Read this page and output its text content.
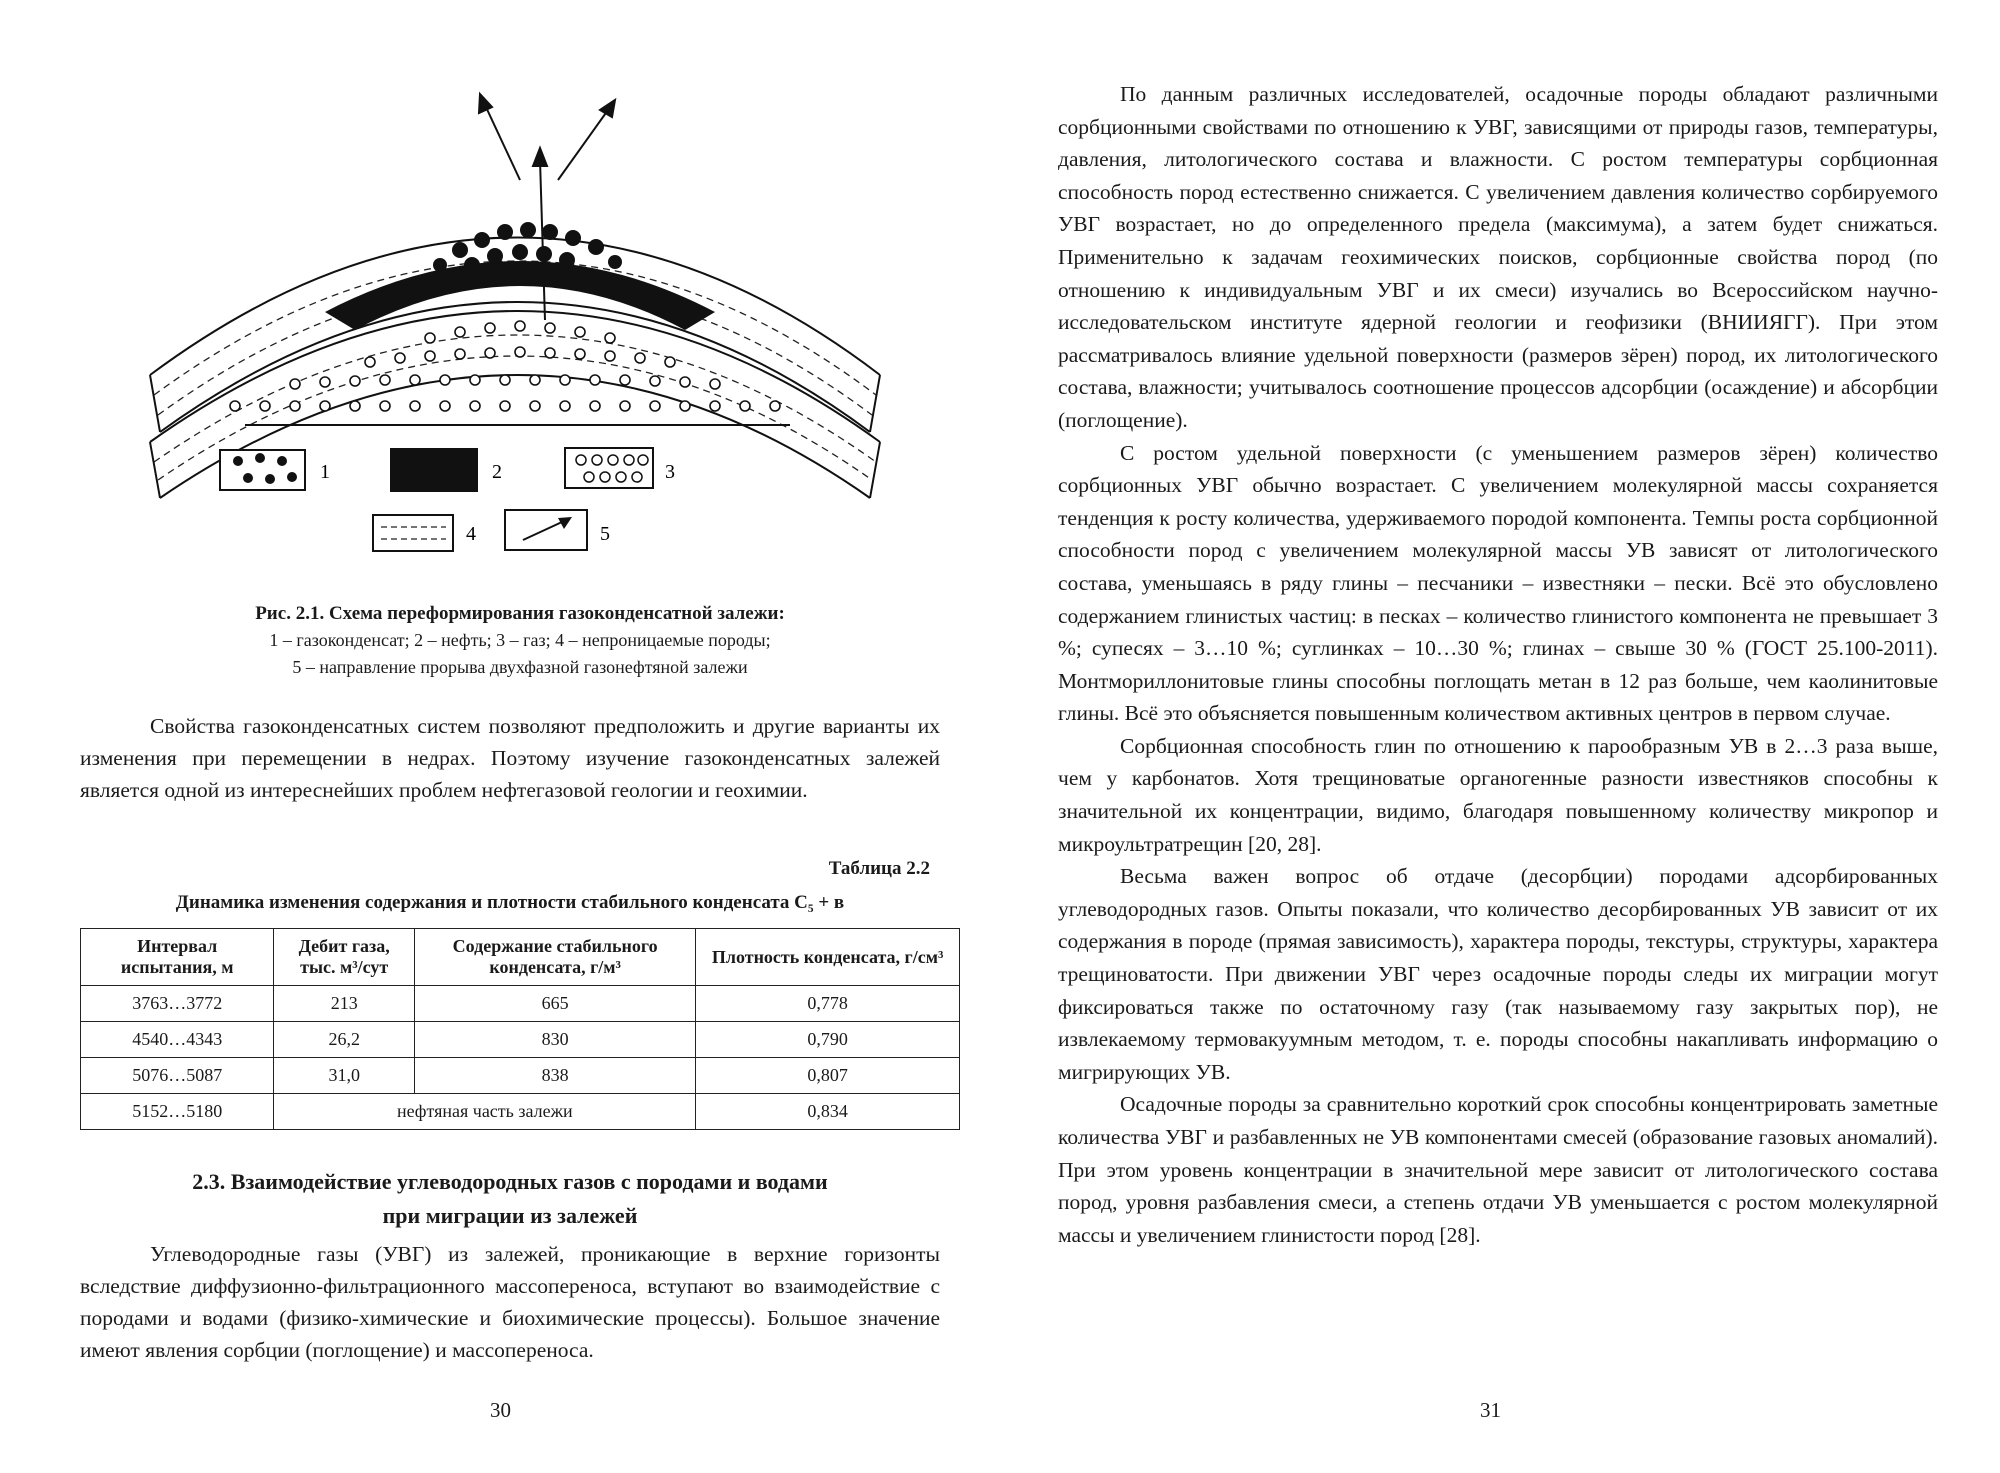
1	2	3
4	5
Рис. 2.1. Схема переформирования газоконденсатной залежи:
1 – газоконденсат; 2 – нефть; 3 – газ; 4 – непроницаемые породы;
5 – направление прорыва двухфазной газонефтяной залежи

Свойства газоконденсатных систем позволяют предположить и другие варианты их изменения при перемещении в недрах. Поэтому изучение газоконденсатных залежей является одной из интереснейших проблем нефтегазовой геологии и геохимии.

Таблица 2.2
Динамика изменения содержания и плотности стабильного конденсата C₅ + в
Интервал испытания, м	Дебит газа, тыс. м³/сут	Содержание стабильного конденсата, г/м³	Плотность конденсата, г/см³
3763…3772	213	665	0,778
4540…4343	26,2	830	0,790
5076…5087	31,0	838	0,807
5152…5180	нефтяная часть залежи		0,834
2.3. Взаимодействие углеводородных газов с породами и водами
при миграции из залежей

Углеводородные газы (УВГ) из залежей, проникающие в верхние горизонты вследствие диффузионно-фильтрационного массопереноса, вступают во взаимодействие с породами и водами (физико-химические и биохимические процессы). Большое значение имеют явления сорбции (поглощение) и массопереноса.

30

По данным различных исследователей, осадочные породы обладают различными сорбционными свойствами по отношению к УВГ, зависящими от природы газов, температуры, давления, литологического состава и влажности. С ростом температуры сорбционная способность пород естественно снижается. С увеличением давления количество сорбируемого УВГ возрастает, но до определенного предела (максимума), а затем будет снижаться. Применительно к задачам геохимических поисков, сорбционные свойства пород (по отношению к индивидуальным УВГ и их смеси) изучались во Всероссийском научно-исследовательском институте ядерной геологии и геофизики (ВНИИЯГГ). При этом рассматривалось влияние удельной поверхности (размеров зёрен) пород, их литологического состава, влажности; учитывалось соотношение процессов адсорбции (осаждение) и абсорбции (поглощение).

С ростом удельной поверхности (с уменьшением размеров зёрен) количество сорбционных УВГ обычно возрастает. С увеличением молекулярной массы сохраняется тенденция к росту количества, удерживаемого породой компонента. Темпы роста сорбционной способности пород с увеличением молекулярной массы УВ зависят от литологического состава, уменьшаясь в ряду глины – песчаники – известняки – пески. Всё это обусловлено содержанием глинистых частиц: в песках – количество глинистого компонента не превышает 3 %; супесях – 3…10 %; суглинках – 10…30 %; глинах – свыше 30 % (ГОСТ 25.100-2011). Монтмориллонитовые глины способны поглощать метан в 12 раз больше, чем каолинитовые глины. Всё это объясняется повышенным количеством активных центров в первом случае.

Сорбционная способность глин по отношению к парообразным УВ в 2…3 раза выше, чем у карбонатов. Хотя трещиноватые органогенные разности известняков способны к значительной их концентрации, видимо, благодаря повышенному количеству микропор и микроультратрещин [20, 28].

Весьма важен вопрос об отдаче (десорбции) породами адсорбированных углеводородных газов. Опыты показали, что количество десорбированных УВ зависит от их содержания в породе (прямая зависимость), характера породы, текстуры, структуры, характера трещиноватости. При движении УВГ через осадочные породы следы их миграции могут фиксироваться также по остаточному газу (так называемому газу закрытых пор), не извлекаемому термовакуумным методом, т. е. породы способны накапливать информацию о мигрирующих УВ.

Осадочные породы за сравнительно короткий срок способны концентрировать заметные количества УВГ и разбавленных не УВ компонентами смесей (образование газовых аномалий). При этом уровень концентрации в значительной мере зависит от литологического состава пород, уровня разбавления смеси, а степень отдачи УВ уменьшается с ростом молекулярной массы и увеличением глинистости пород [28].

31
